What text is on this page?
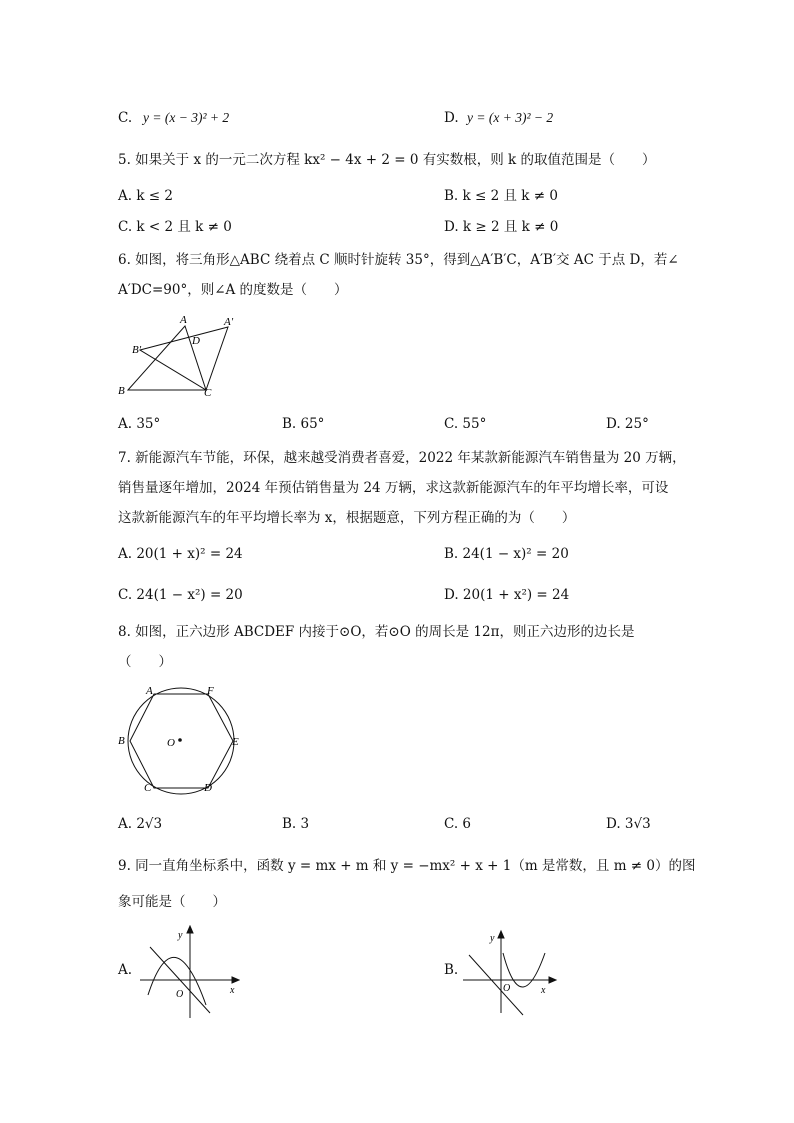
C. y = (x − 3)² + 2	D. y = (x + 3)² − 2
5. 如果关于 x 的一元二次方程 kx² − 4x + 2 = 0 有实数根，则 k 的取值范围是（　　）
A. k ≤ 2	B. k ≤ 2 且 k ≠ 0
C. k < 2 且 k ≠ 0	D. k ≥ 2 且 k ≠ 0
6. 如图，将三角形△ABC 绕着点 C 顺时针旋转 35°，得到△A′B′C，A′B′交 AC 于点 D，若∠
A′DC=90°，则∠A 的度数是（　　）
A	A′
B′
D
B	C
A. 35°	B. 65°	C. 55°	D. 25°
7. 新能源汽车节能，环保，越来越受消费者喜爱，2022 年某款新能源汽车销售量为 20 万辆，
销售量逐年增加，2024 年预估销售量为 24 万辆，求这款新能源汽车的年平均增长率，可设
这款新能源汽车的年平均增长率为 x，根据题意，下列方程正确的为（　　）
A. 20(1 + x)² = 24	B. 24(1 − x)² = 20
C. 24(1 − x²) = 20	D. 20(1 + x²) = 24
8. 如图，正六边形 ABCDEF 内接于⊙O，若⊙O 的周长是 12π，则正六边形的边长是
（　　）
A	F
B	E
C	D
O
A. 2√3	B. 3	C. 6	D. 3√3
9. 同一直角坐标系中，函数 y = mx + m 和 y = −mx² + x + 1（m 是常数，且 m ≠ 0）的图
象可能是（　　）
A.
x
y
O
B.
x
y
O
